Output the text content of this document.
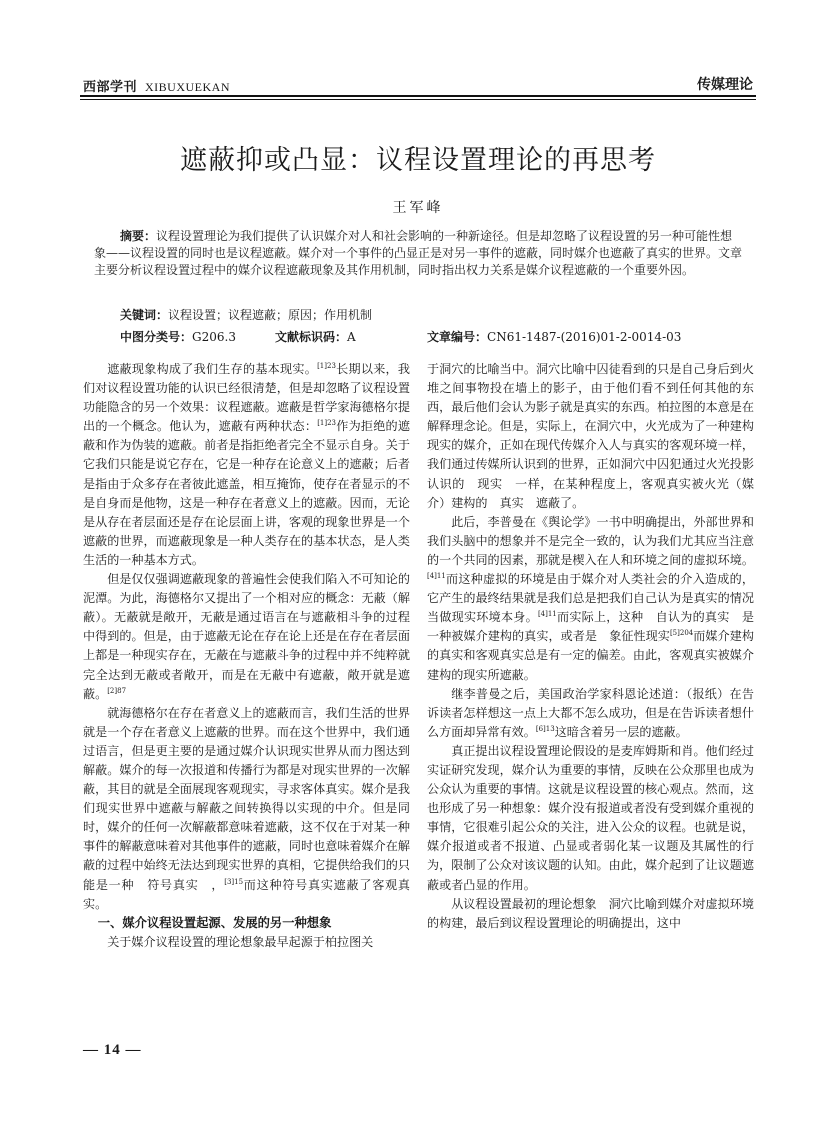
西部学刊 XIBUXUEKAN	传媒理论
遮蔽抑或凸显：议程设置理论的再思考
王军峰
摘要：议程设置理论为我们提供了认识媒介对人和社会影响的一种新途径。但是却忽略了议程设置的另一种可能性想象——议程设置的同时也是议程遮蔽。媒介对一个事件的凸显正是对另一事件的遮蔽，同时媒介也遮蔽了真实的世界。文章主要分析议程设置过程中的媒介议程遮蔽现象及其作用机制，同时指出权力关系是媒介议程遮蔽的一个重要外因。
关键词：议程设置；议程遮蔽；原因；作用机制
中图分类号：G206.3	文献标识码：A	文章编号：CN61-1487-(2016)01-2-0014-03

遮蔽现象构成了我们生存的基本现实。$^{[1]23}$长期以来，我们对议程设置功能的认识已经很清楚，但是却忽略了议程设置功能隐含的另一个效果：议程遮蔽。遮蔽是哲学家海德格尔提出的一个概念。他认为，遮蔽有两种状态：$^{[1]23}$作为拒绝的遮蔽和作为伪装的遮蔽。前者是指拒绝者完全不显示自身。关于它我们只能是说它存在，它是一种存在论意义上的遮蔽；后者是指由于众多存在者彼此遮盖，相互掩饰，使存在者显示的不是自身而是他物，这是一种存在者意义上的遮蔽。因而，无论是从存在者层面还是存在论层面上讲，客观的现象世界是一个遮蔽的世界，而遮蔽现象是一种人类存在的基本状态，是人类生活的一种基本方式。

但是仅仅强调遮蔽现象的普遍性会使我们陷入不可知论的泥潭。为此，海德格尔又提出了一个相对应的概念：无蔽（解蔽）。无蔽就是敞开，无蔽是通过语言在与遮蔽相斗争的过程中得到的。但是，由于遮蔽无论在存在论上还是在存在者层面上都是一种现实存在，无蔽在与遮蔽斗争的过程中并不纯粹就完全达到无蔽或者敞开，而是在无蔽中有遮蔽，敞开就是遮蔽。$^{[2]87}$

就海德格尔在存在者意义上的遮蔽而言，我们生活的世界就是一个存在者意义上遮蔽的世界。而在这个世界中，我们通过语言，但是更主要的是通过媒介认识现实世界从而力图达到解蔽。媒介的每一次报道和传播行为都是对现实世界的一次解蔽，其目的就是全面展现客观现实，寻求客体真实。媒介是我们现实世界中遮蔽与解蔽之间转换得以实现的中介。但是同时，媒介的任何一次解蔽都意味着遮蔽，这不仅在于对某一种事件的解蔽意味着对其他事件的遮蔽，同时也意味着媒介在解蔽的过程中始终无法达到现实世界的真相，它提供给我们的只能是一种　符号真实　，$^{[3]15}$而这种符号真实遮蔽了客观真实。

一、媒介议程设置起源、发展的另一种想象

关于媒介议程设置的理论想象最早起源于柏拉图关

于洞穴的比喻当中。洞穴比喻中囚徒看到的只是自己身后到火堆之间事物投在墙上的影子，由于他们看不到任何其他的东西，最后他们会认为影子就是真实的东西。柏拉图的本意是在解释理念论。但是，实际上，在洞穴中，火光成为了一种建构现实的媒介，正如在现代传媒介入人与真实的客观环境一样，我们通过传媒所认识到的世界，正如洞穴中囚犯通过火光投影认识的　现实　一样，在某种程度上，客观真实被火光（媒介）建构的　真实　遮蔽了。

此后，李普曼在《舆论学》一书中明确提出，外部世界和我们头脑中的想象并不是完全一致的，认为我们尤其应当注意的一个共同的因素，那就是楔入在人和环境之间的虚拟环境。$^{[4]11}$而这种虚拟的环境是由于媒介对人类社会的介入造成的，它产生的最终结果就是我们总是把我们自己认为是真实的情况当做现实环境本身。$^{[4]11}$而实际上，这种　自认为的真实　是一种被媒介建构的真实，或者是　象征性现实$^{[5]204}$而媒介建构的真实和客观真实总是有一定的偏差。由此，客观真实被媒介建构的现实所遮蔽。

继李普曼之后，美国政治学家科恩论述道：（报纸）在告诉读者怎样想这一点上大都不怎么成功，但是在告诉读者想什么方面却异常有效。$^{[6]13}$这暗含着另一层的遮蔽。

真正提出议程设置理论假设的是麦库姆斯和肖。他们经过实证研究发现，媒介认为重要的事情，反映在公众那里也成为公众认为重要的事情。这就是议程设置的核心观点。然而，这也形成了另一种想象：媒介没有报道或者没有受到媒介重视的事情，它很难引起公众的关注，进入公众的议程。也就是说，媒介报道或者不报道、凸显或者弱化某一议题及其属性的行为，限制了公众对该议题的认知。由此，媒介起到了让议题遮蔽或者凸显的作用。

从议程设置最初的理论想象　洞穴比喻到媒介对虚拟环境的构建，最后到议程设置理论的明确提出，这中

— 14 —
